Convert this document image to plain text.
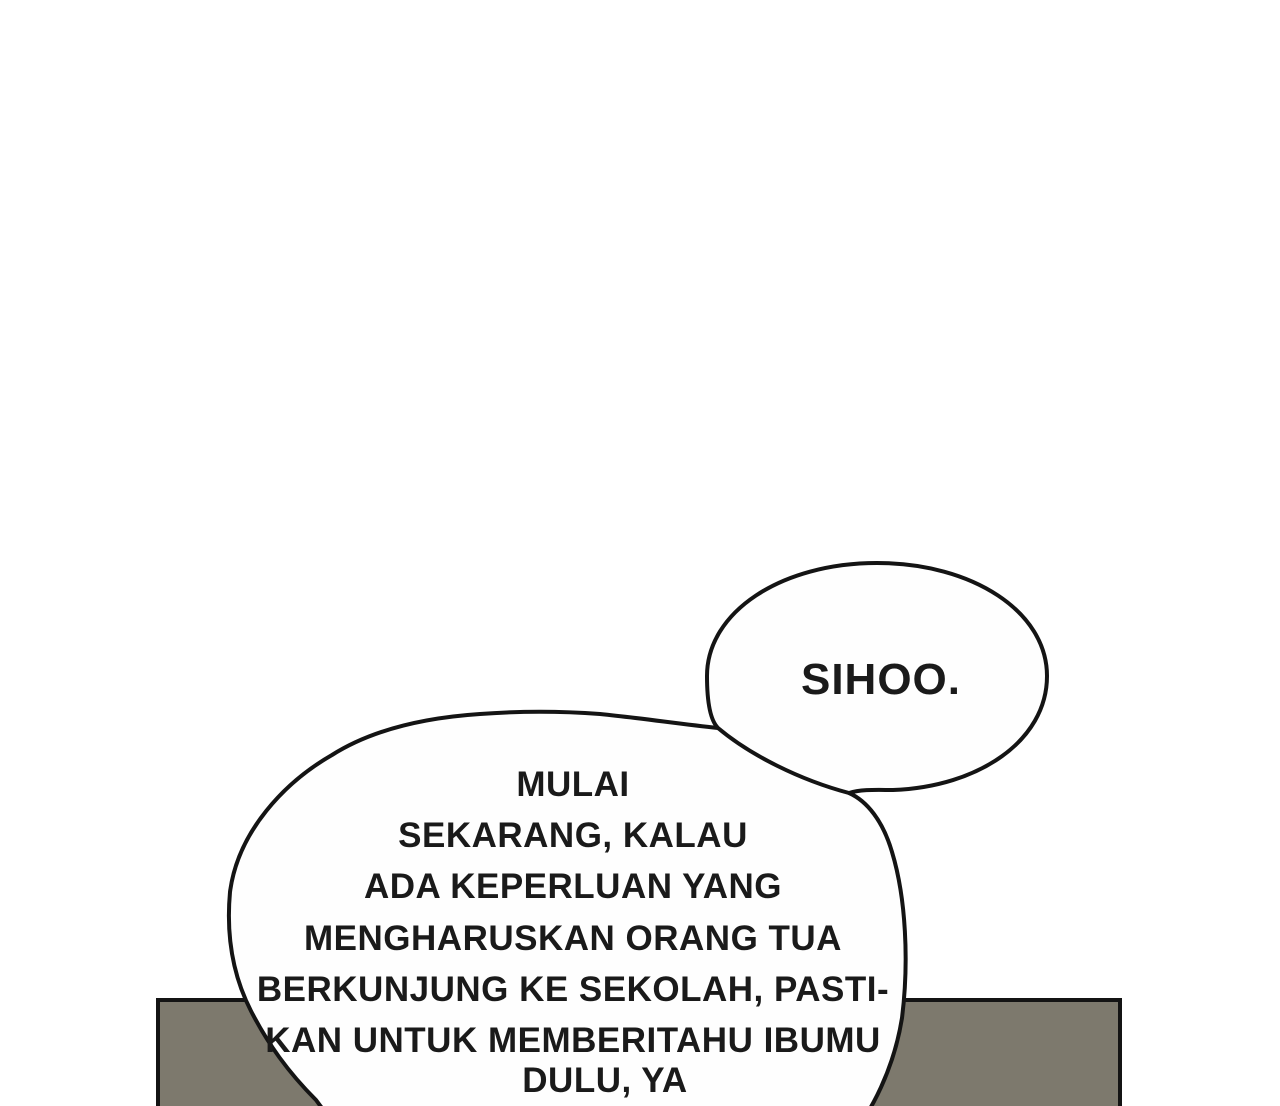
SIHOO.
MULAI
SEKARANG, KALAU
ADA KEPERLUAN YANG
MENGHARUSKAN ORANG TUA
BERKUNJUNG KE SEKOLAH, PASTI-
KAN UNTUK MEMBERITAHU IBUMU
DULU, YA
